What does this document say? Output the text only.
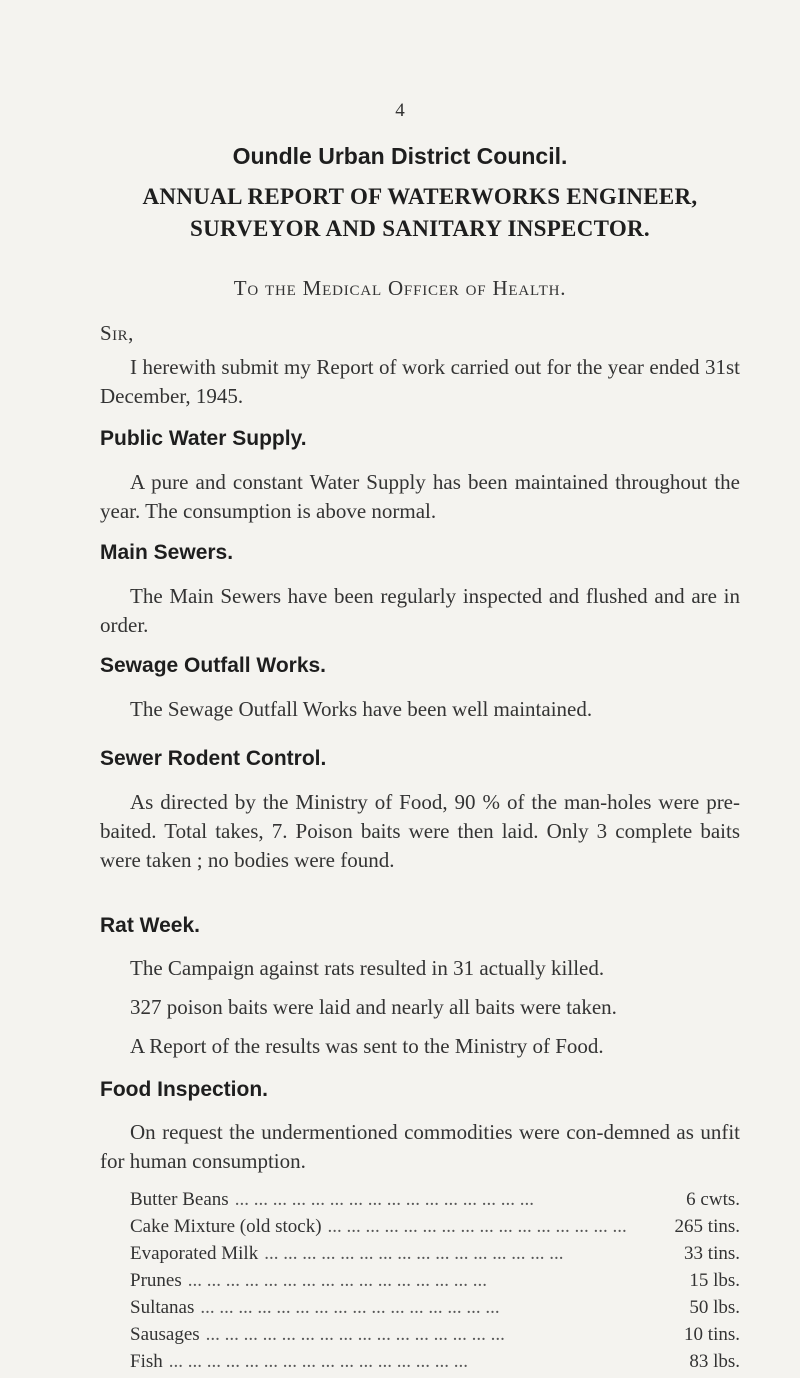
4
Oundle Urban District Council.
ANNUAL REPORT OF WATERWORKS ENGINEER, SURVEYOR AND SANITARY INSPECTOR.
To the Medical Officer of Health.
Sir,
I herewith submit my Report of work carried out for the year ended 31st December, 1945.
Public Water Supply.
A pure and constant Water Supply has been maintained throughout the year. The consumption is above normal.
Main Sewers.
The Main Sewers have been regularly inspected and flushed and are in order.
Sewage Outfall Works.
The Sewage Outfall Works have been well maintained.
Sewer Rodent Control.
As directed by the Ministry of Food, 90 % of the man-holes were pre-baited. Total takes, 7. Poison baits were then laid. Only 3 complete baits were taken ; no bodies were found.
Rat Week.
The Campaign against rats resulted in 31 actually killed.
327 poison baits were laid and nearly all baits were taken.
A Report of the results was sent to the Ministry of Food.
Food Inspection.
On request the undermentioned commodities were con-demned as unfit for human consumption.
Butter Beans ... .	6 cwts.
Cake Mixture (old stock) ... .	265 tins.
Evaporated Milk ... .	33 tins.
Prunes ... .	15 lbs.
Sultanas ... .	50 lbs.
Sausages ... .	10 tins.
Fish ... .	83 lbs.
